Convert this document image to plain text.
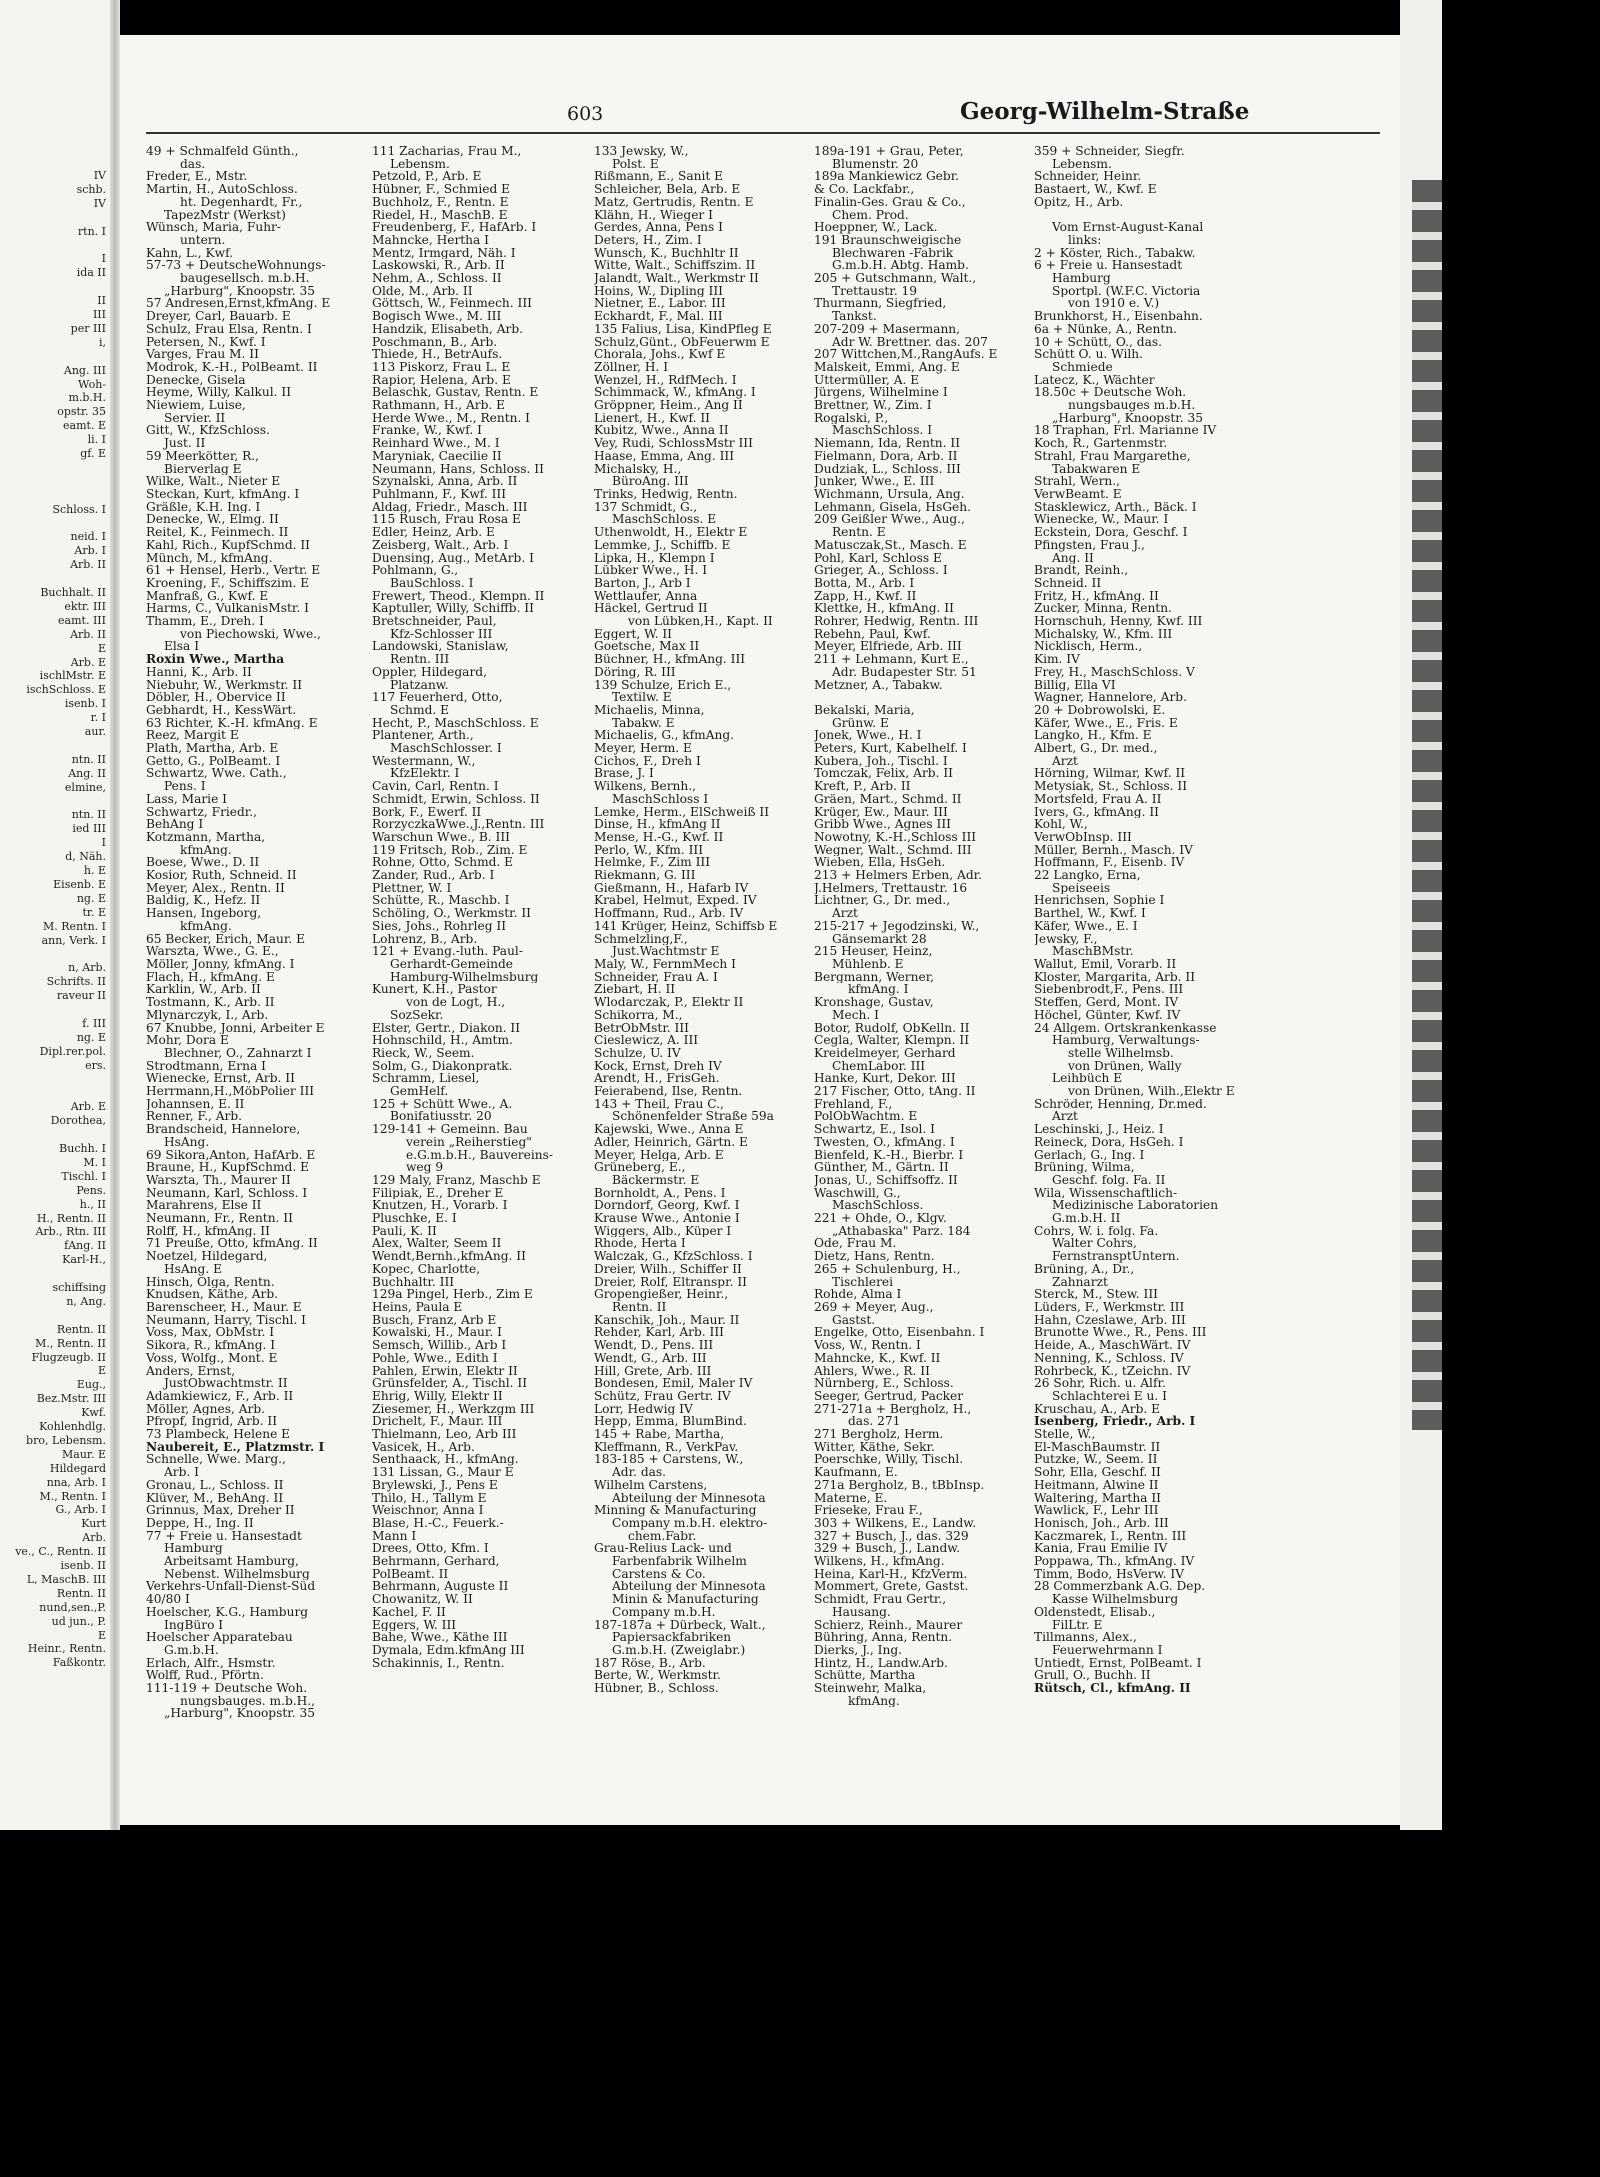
IV
schb.
IV
rtn. I
I
ida II
II
III
per III
i,
Ang. III
Woh-
m.b.H.
opstr. 35
eamt. E
li. I
gf. E
Schloss. I
neid. I
Arb. I
Arb. II
Buchhalt. II
ektr. III
eamt. III
Arb. II
E
Arb. E
ischlMstr. E
ischSchloss. E
isenb. I
r. I
aur.
ntn. II
Ang. II
elmine,
ntn. II
ied III
I
d, Näh.
h. E
Eisenb. E
ng. E
tr. E
M. Rentn. I
ann, Verk. I
n, Arb.
Schrifts. II
raveur II
f. III
ng. E
Dipl.rer.pol.
ers.
Arb. E
Dorothea,
Buchh. I
M. I
Tischl. I
Pens.
h., II
H., Rentn. II
Arb., Rtn. III
fAng. II
Karl-H.,
schiffsing
n, Ang.
Rentn. II
M., Rentn. II
Flugzeugb. II
E
Eug.,
Bez.Mstr. III
Kwf.
Kohlenhdlg.
bro, Lebensm.
Maur. E
Hildegard
nna, Arb. I
M., Rentn. I
G., Arb. I
Kurt
Arb.
ve., C., Rentn. II
isenb. II
L, MaschB. III
Rentn. II
nund,sen.,P.
ud jun., P.
E
Heinr., Rentn.
Faßkontr.
603	Georg-Wilhelm-Straße
49 + Schmalfeld Günth.,
das.
Freder, E., Mstr.
Martin, H., AutoSchloss.
ht. Degenhardt, Fr.,
TapezMstr (Werkst)
Wünsch, Maria, Fuhr-
untern.
Kahn, L., Kwf.
57-73 + DeutscheWohnungs-
baugesellsch. m.b.H.
„Harburg", Knoopstr. 35
57 Andresen,Ernst,kfmAng. E
Dreyer, Carl, Bauarb. E
Schulz, Frau Elsa, Rentn. I
Petersen, N., Kwf. I
Varges, Frau M. II
Modrok, K.-H., PolBeamt. II
Denecke, Gisela
Heyme, Willy, Kalkul. II
Niewiem, Luise,
Servier. II
Gitt, W., KfzSchloss.
Just. II
59 Meerkötter, R.,
Bierverlag E
Wilke, Walt., Nieter E
Steckan, Kurt, kfmAng. I
Gräßle, K.H. Ing. I
Denecke, W., Elmg. II
Reitel, K., Feinmech. II
Kahl, Rich., KupfSchmd. II
Münch, M., kfmAng.
61 + Hensel, Herb., Vertr. E
Kroening, F., Schiffszim. E
Manfraß, G., Kwf. E
Harms, C., VulkanisMstr. I
Thamm, E., Dreh. I
von Piechowski, Wwe.,
Elsa I
Roxin Wwe., Martha
Hanni, K., Arb. II
Niebuhr, W., Werkmstr. II
Döbler, H., Obervice II
Gebhardt, H., KessWärt.
63 Richter, K.-H. kfmAng. E
Reez, Margit E
Plath, Martha, Arb. E
Getto, G., PolBeamt. I
Schwartz, Wwe. Cath.,
Pens. I
Lass, Marie I
Schwartz, Friedr.,
BehAng I
Kotzmann, Martha,
kfmAng.
Boese, Wwe., D. II
Kosior, Ruth, Schneid. II
Meyer, Alex., Rentn. II
Baldig, K., Hefz. II
Hansen, Ingeborg,
kfmAng.
65 Becker, Erich, Maur. E
Warszta, Wwe., G. E.,
Möller, Jonny, kfmAng. I
Flach, H., kfmAng. E
Karklin, W., Arb. II
Tostmann, K., Arb. II
Mlynarczyk, I., Arb.
67 Knubbe, Jonni, Arbeiter E
Mohr, Dora E
Blechner, O., Zahnarzt I
Strodtmann, Erna I
Wienecke, Ernst, Arb. II
Herrmann,H.,MöbPolier III
Johannsen, E. II
Renner, F., Arb.
Brandscheid, Hannelore,
HsAng.
69 Sikora,Anton, HafArb. E
Braune, H., KupfSchmd. E
Warszta, Th., Maurer II
Neumann, Karl, Schloss. I
Marahrens, Else II
Neumann, Fr., Rentn. II
Rolff, H., kfmAng. II
71 Preuße, Otto, kfmAng. II
Noetzel, Hildegard,
HsAng. E
Hinsch, Olga, Rentn.
Knudsen, Käthe, Arb.
Barenscheer, H., Maur. E
Neumann, Harry, Tischl. I
Voss, Max, ObMstr. I
Sikora, R., kfmAng. I
Voss, Wolfg., Mont. E
Anders, Ernst,
JustObwachtmstr. II
Adamkiewicz, F., Arb. II
Möller, Agnes, Arb.
Pfropf, Ingrid, Arb. II
73 Plambeck, Helene E
Naubereit, E., Platzmstr. I
Schnelle, Wwe. Marg.,
Arb. I
Gronau, L., Schloss. II
Klüver, M., BehAng. II
Grinnus, Max, Dreher II
Deppe, H., Ing. II
77 + Freie u. Hansestadt
Hamburg
Arbeitsamt Hamburg,
Nebenst. Wilhelmsburg
Verkehrs-Unfall-Dienst-Süd
40/80 I
Hoelscher, K.G., Hamburg
IngBüro I
Hoelscher Apparatebau
G.m.b.H.
Erlach, Alfr., Hsmstr.
Wolff, Rud., Pförtn.
111-119 + Deutsche Woh.
nungsbauges. m.b.H.,
„Harburg", Knoopstr. 35
111 Zacharias, Frau M.,
Lebensm.
Petzold, P., Arb. E
Hübner, F., Schmied E
Buchholz, F., Rentn. E
Riedel, H., MaschB. E
Freudenberg, F., HafArb. I
Mahncke, Hertha I
Mentz, Irmgard, Näh. I
Laskowski, R., Arb. II
Nehm, A., Schloss. II
Olde, M., Arb. II
Göttsch, W., Feinmech. III
Bogisch Wwe., M. III
Handzik, Elisabeth, Arb.
Poschmann, B., Arb.
Thiede, H., BetrAufs.
113 Piskorz, Frau L. E
Rapior, Helena, Arb. E
Belaschk, Gustav, Rentn. E
Rathmann, H., Arb. E
Herde Wwe., M., Rentn. I
Franke, W., Kwf. I
Reinhard Wwe., M. I
Maryniak, Caecilie II
Neumann, Hans, Schloss. II
Szynalski, Anna, Arb. II
Puhlmann, F., Kwf. III
Aldag, Friedr., Masch. III
115 Rusch, Frau Rosa E
Edler, Heinz, Arb. E
Zeisberg, Walt., Arb. I
Duensing, Aug., MetArb. I
Pohlmann, G.,
BauSchloss. I
Frewert, Theod., Klempn. II
Kaptuller, Willy, Schiffb. II
Bretschneider, Paul,
Kfz-Schlosser III
Landowski, Stanislaw,
Rentn. III
Oppler, Hildegard,
Platzanw.
117 Feuerherd, Otto,
Schmd. E
Hecht, P., MaschSchloss. E
Plantener, Arth.,
MaschSchlosser. I
Westermann, W.,
KfzElektr. I
Cavin, Carl, Rentn. I
Schmidt, Erwin, Schloss. II
Bork, F., Ewerf. II
RorzyczkaWwe.,J.,Rentn. III
Warschun Wwe., B. III
119 Fritsch, Rob., Zim. E
Rohne, Otto, Schmd. E
Zander, Rud., Arb. I
Plettner, W. I
Schütte, R., Maschb. I
Schöling, O., Werkmstr. II
Sies, Johs., Rohrleg II
Lohrenz, B., Arb.
121 + Evang.-luth. Paul-
Gerhardt-Gemeinde
Hamburg-Wilhelmsburg
Kunert, K.H., Pastor
von de Logt, H.,
SozSekr.
Elster, Gertr., Diakon. II
Hohnschild, H., Amtm.
Rieck, W., Seem.
Solm, G., Diakonpratk.
Schramm, Liesel,
GemHelf.
125 + Schütt Wwe., A.
Bonifatiusstr. 20
129-141 + Gemeinn. Bau
verein „Reiherstieg"
e.G.m.b.H., Bauvereins-
weg 9
129 Maly, Franz, Maschb E
Filipiak, E., Dreher E
Knutzen, H., Vorarb. I
Pluschke, E. I
Pauli, K. II
Alex, Walter, Seem II
Wendt,Bernh.,kfmAng. II
Kopec, Charlotte,
Buchhaltr. III
129a Pingel, Herb., Zim E
Heins, Paula E
Busch, Franz, Arb E
Kowalski, H., Maur. I
Semsch, Willib., Arb I
Pohle, Wwe., Edith I
Pahlen, Erwin, Elektr II
Grünsfelder, A., Tischl. II
Ehrig, Willy, Elektr II
Ziesemer, H., Werkzgm III
Drichelt, F., Maur. III
Thielmann, Leo, Arb III
Vasicek, H., Arb.
Senthaack, H., kfmAng.
131 Lissan, G., Maur E
Brylewski, J., Pens E
Thilo, H., Tallym E
Weischnor, Anna I
Blase, H.-C., Feuerk.-
Mann I
Drees, Otto, Kfm. I
Behrmann, Gerhard,
PolBeamt. II
Behrmann, Auguste II
Chowanitz, W. II
Kachel, F. II
Eggers, W. III
Bahe, Wwe., Käthe III
Dymala, Edm.kfmAng III
Schakinnis, I., Rentn.
133 Jewsky, W.,
Polst. E
Rißmann, E., Sanit E
Schleicher, Bela, Arb. E
Matz, Gertrudis, Rentn. E
Klähn, H., Wieger I
Gerdes, Anna, Pens I
Deters, H., Zim. I
Wunsch, K., Buchhltr II
Witte, Walt., Schiffszim. II
Jalandt, Walt., Werkmstr II
Hoins, W., Dipling III
Nietner, E., Labor. III
Eckhardt, F., Mal. III
135 Falius, Lisa, KindPfleg E
Schulz,Günt., ObFeuerwm E
Chorala, Johs., Kwf E
Zöllner, H. I
Wenzel, H., RdfMech. I
Schimmack, W., kfmAng. I
Gröppner, Heim., Ang II
Lienert, H., Kwf. II
Kubitz, Wwe., Anna II
Vey, Rudi, SchlossMstr III
Haase, Emma, Ang. III
Michalsky, H.,
BüroAng. III
Trinks, Hedwig, Rentn.
137 Schmidt, G.,
MaschSchloss. E
Uthenwoldt, H., Elektr E
Lemmke, J., Schiffb. E
Lipka, H., Klempn I
Lübker Wwe., H. I
Barton, J., Arb I
Wettlaufer, Anna
Häckel, Gertrud II
von Lübken,H., Kapt. II
Eggert, W. II
Goetsche, Max II
Büchner, H., kfmAng. III
Döring, R. III
139 Schulze, Erich E.,
Textilw. E
Michaelis, Minna,
Tabakw. E
Michaelis, G., kfmAng.
Meyer, Herm. E
Cichos, F., Dreh I
Brase, J. I
Wilkens, Bernh.,
MaschSchloss I
Lemke, Herm., ElSchweiß II
Dinse, H., kfmAng II
Mense, H.-G., Kwf. II
Perlo, W., Kfm. III
Helmke, F., Zim III
Riekmann, G. III
Gießmann, H., Hafarb IV
Krabel, Helmut, Exped. IV
Hoffmann, Rud., Arb. IV
141 Krüger, Heinz, Schiffsb E
Schmelzling,F.,
Just.Wachtmstr E
Maly, W., FernmMech I
Schneider, Frau A. I
Ziebart, H. II
Wlodarczak, P., Elektr II
Schikorra, M.,
BetrObMstr. III
Cieslewicz, A. III
Schulze, U. IV
Kock, Ernst, Dreh IV
Arendt, H., FrisGeh.
Feierabend, Ilse, Rentn.
143 + Theil, Frau C.,
Schönenfelder Straße 59a
Kajewski, Wwe., Anna E
Adler, Heinrich, Gärtn. E
Meyer, Helga, Arb. E
Grüneberg, E.,
Bäckermstr. E
Bornholdt, A., Pens. I
Dorndorf, Georg, Kwf. I
Krause Wwe., Antonie I
Wiggers, Alb., Küper I
Rhode, Herta I
Walczak, G., KfzSchloss. I
Dreier, Wilh., Schiffer II
Dreier, Rolf, Eltranspr. II
Gropengießer, Heinr.,
Rentn. II
Kanschik, Joh., Maur. II
Rehder, Karl, Arb. III
Wendt, D., Pens. III
Wendt, G., Arb. III
Hill, Grete, Arb. III
Bondesen, Emil, Maler IV
Schütz, Frau Gertr. IV
Lorr, Hedwig IV
Hepp, Emma, BlumBind.
145 + Rabe, Martha,
Kleffmann, R., VerkPav.
183-185 + Carstens, W.,
Adr. das.
Wilhelm Carstens,
Abteilung der Minnesota
Minning & Manufacturing
Company m.b.H. elektro-
chem.Fabr.
Grau-Relius Lack- und
Farbenfabrik Wilhelm
Carstens & Co.
Abteilung der Minnesota
Minin & Manufacturing
Company m.b.H.
187-187a + Dürbeck, Walt.,
Papiersackfabriken
G.m.b.H. (Zweiglabr.)
187 Röse, B., Arb.
Berte, W., Werkmstr.
Hübner, B., Schloss.
189a-191 + Grau, Peter,
Blumenstr. 20
189a Mankiewicz Gebr.
& Co. Lackfabr.,
Finalin-Ges. Grau & Co.,
Chem. Prod.
Hoeppner, W., Lack.
191 Braunschweigische
Blechwaren -Fabrik
G.m.b.H. Abtg. Hamb.
205 + Gutschmann, Walt.,
Trettaustr. 19
Thurmann, Siegfried,
Tankst.
207-209 + Masermann,
Adr W. Brettner. das. 207
207 Wittchen,M.,RangAufs. E
Malskeit, Emmi, Ang. E
Uttermüller, A. E
Jürgens, Wilhelmine I
Brettner, W., Zim. I
Rogalski, P.,
MaschSchloss. I
Niemann, Ida, Rentn. II
Fielmann, Dora, Arb. II
Dudziak, L., Schloss. III
Junker, Wwe., E. III
Wichmann, Ursula, Ang.
Lehmann, Gisela, HsGeh.
209 Geißler Wwe., Aug.,
Rentn. E
Matusczak,St., Masch. E
Pohl, Karl, Schloss E
Grieger, A., Schloss. I
Botta, M., Arb. I
Zapp, H., Kwf. II
Klettke, H., kfmAng. II
Rohrer, Hedwig, Rentn. III
Rebehn, Paul, Kwf.
Meyer, Elfriede, Arb. III
211 + Lehmann, Kurt E.,
Adr. Budapester Str. 51
Metzner, A., Tabakw.

Bekalski, Maria,
Grünw. E
Jonek, Wwe., H. I
Peters, Kurt, Kabelhelf. I
Kubera, Joh., Tischl. I
Tomczak, Felix, Arb. II
Kreft, P., Arb. II
Gräen, Mart., Schmd. II
Krüger, Ew., Maur. III
Gribb Wwe., Agnes III
Nowotny, K.-H.,Schloss III
Wegner, Walt., Schmd. III
Wieben, Ella, HsGeh.
213 + Helmers Erben, Adr.
J.Helmers, Trettaustr. 16
Lichtner, G., Dr. med.,
Arzt
215-217 + Jegodzinski, W.,
Gänsemarkt 28
215 Heuser, Heinz,
Mühlenb. E
Bergmann, Werner,
kfmAng. I
Kronshage, Gustav,
Mech. I
Botor, Rudolf, ObKelln. II
Cegla, Walter, Klempn. II
Kreidelmeyer, Gerhard
ChemLabor. III
Hanke, Kurt, Dekor. III
217 Fischer, Otto, tAng. II
Frehland, F.,
PolObWachtm. E
Schwartz, E., Isol. I
Twesten, O., kfmAng. I
Bienfeld, K.-H., Bierbr. I
Günther, M., Gärtn. II
Jonas, U., Schiffsoffz. II
Waschwill, G.,
MaschSchloss.
221 + Ohde, O., Klgv.
„Athabaska" Parz. 184
Ode, Frau M.
Dietz, Hans, Rentn.
265 + Schulenburg, H.,
Tischlerei
Rohde, Alma I
269 + Meyer, Aug.,
Gastst.
Engelke, Otto, Eisenbahn. I
Voss, W., Rentn. I
Mahncke, K., Kwf. II
Ahlers, Wwe., R. II
Nürnberg, E., Schloss.
Seeger, Gertrud, Packer
271-271a + Bergholz, H.,
das. 271
271 Bergholz, Herm.
Witter, Käthe, Sekr.
Poerschke, Willy, Tischl.
Kaufmann, E.
271a Bergholz, B., tBbInsp.
Materne, E.
Frieseke, Frau F.,
303 + Wilkens, E., Landw.
327 + Busch, J., das. 329
329 + Busch, J., Landw.
Wilkens, H., kfmAng.
Heina, Karl-H., KfzVerm.
Mommert, Grete, Gastst.
Schmidt, Frau Gertr.,
Hausang.
Schierz, Reinh., Maurer
Bühring, Anna, Rentn.
Dierks, J., Ing.
Hintz, H., Landw.Arb.
Schütte, Martha
Steinwehr, Malka,
kfmAng.
359 + Schneider, Siegfr.
Lebensm.
Schneider, Heinr.
Bastaert, W., Kwf. E
Opitz, H., Arb.

Vom Ernst-August-Kanal
links:
2 + Köster, Rich., Tabakw.
6 + Freie u. Hansestadt
Hamburg
Sportpl. (W.F.C. Victoria
von 1910 e. V.)
Brunkhorst, H., Eisenbahn.
6a + Nünke, A., Rentn.
10 + Schütt, O., das.
Schütt O. u. Wilh.
Schmiede
Latecz, K., Wächter
18.50c + Deutsche Woh.
nungsbauges m.b.H.
„Harburg", Knoopstr. 35
18 Traphan, Frl. Marianne IV
Koch, R., Gartenmstr.
Strahl, Frau Margarethe,
Tabakwaren E
Strahl, Wern.,
VerwBeamt. E
Stasklewicz, Arth., Bäck. I
Wienecke, W., Maur. I
Eckstein, Dora, Geschf. I
Pfingsten, Frau J.,
Ang. II
Brandt, Reinh.,
Schneid. II
Fritz, H., kfmAng. II
Zucker, Minna, Rentn.
Hornschuh, Henny, Kwf. III
Michalsky, W., Kfm. III
Nicklisch, Herm.,
Kim. IV
Frey, H., MaschSchloss. V
Billig, Ella VI
Wagner, Hannelore, Arb.
20 + Dobrowolski, E.
Käfer, Wwe., E., Fris. E
Langko, H., Kfm. E
Albert, G., Dr. med.,
Arzt
Hörning, Wilmar, Kwf. II
Metysiak, St., Schloss. II
Mortsfeld, Frau A. II
Ivers, G., kfmAng. II
Kohl, W.,
VerwObInsp. III
Müller, Bernh., Masch. IV
Hoffmann, F., Eisenb. IV
22 Langko, Erna,
Speiseeis
Henrichsen, Sophie I
Barthel, W., Kwf. I
Käfer, Wwe., E. I
Jewsky, F.,
MaschBMstr.
Wallut, Emil, Vorarb. II
Kloster, Margarita, Arb. II
Siebenbrodt,F., Pens. III
Steffen, Gerd, Mont. IV
Höchel, Günter, Kwf. IV
24 Allgem. Ortskrankenkasse
Hamburg, Verwaltungs-
stelle Wilhelmsb.
von Drünen, Wally
Leihbüch E
von Drünen, Wilh.,Elektr E
Schröder, Henning, Dr.med.
Arzt
Leschinski, J., Heiz. I
Reineck, Dora, HsGeh. I
Gerlach, G., Ing. I
Brüning, Wilma,
Geschf. folg. Fa. II
Wila, Wissenschaftlich-
Medizinische Laboratorien
G.m.b.H. II
Cohrs, W. i. folg. Fa.
Walter Cohrs,
FernstransptUntern.
Brüning, A., Dr.,
Zahnarzt
Sterck, M., Stew. III
Lüders, F., Werkmstr. III
Hahn, Czeslawe, Arb. III
Brunotte Wwe., R., Pens. III
Heide, A., MaschWärt. IV
Nenning, K., Schloss. IV
Rohrbeck, K., tZeichn. IV
26 Sohr, Rich. u. Alfr.
Schlachterei E u. I
Kruschau, A., Arb. E
Isenberg, Friedr., Arb. I
Stelle, W.,
El-MaschBaumstr. II
Putzke, W., Seem. II
Sohr, Ella, Geschf. II
Heitmann, Alwine II
Waltering, Martha II
Wawlick, F., Lehr III
Honisch, Joh., Arb. III
Kaczmarek, I., Rentn. III
Kania, Frau Emilie IV
Poppawa, Th., kfmAng. IV
Timm, Bodo, HsVerw. IV
28 Commerzbank A.G. Dep.
Kasse Wilhelmsburg
Oldenstedt, Elisab.,
FilLtr. E
Tillmanns, Alex.,
Feuerwehrmann I
Untiedt, Ernst, PolBeamt. I
Grull, O., Buchh. II
Rütsch, Cl., kfmAng. II
